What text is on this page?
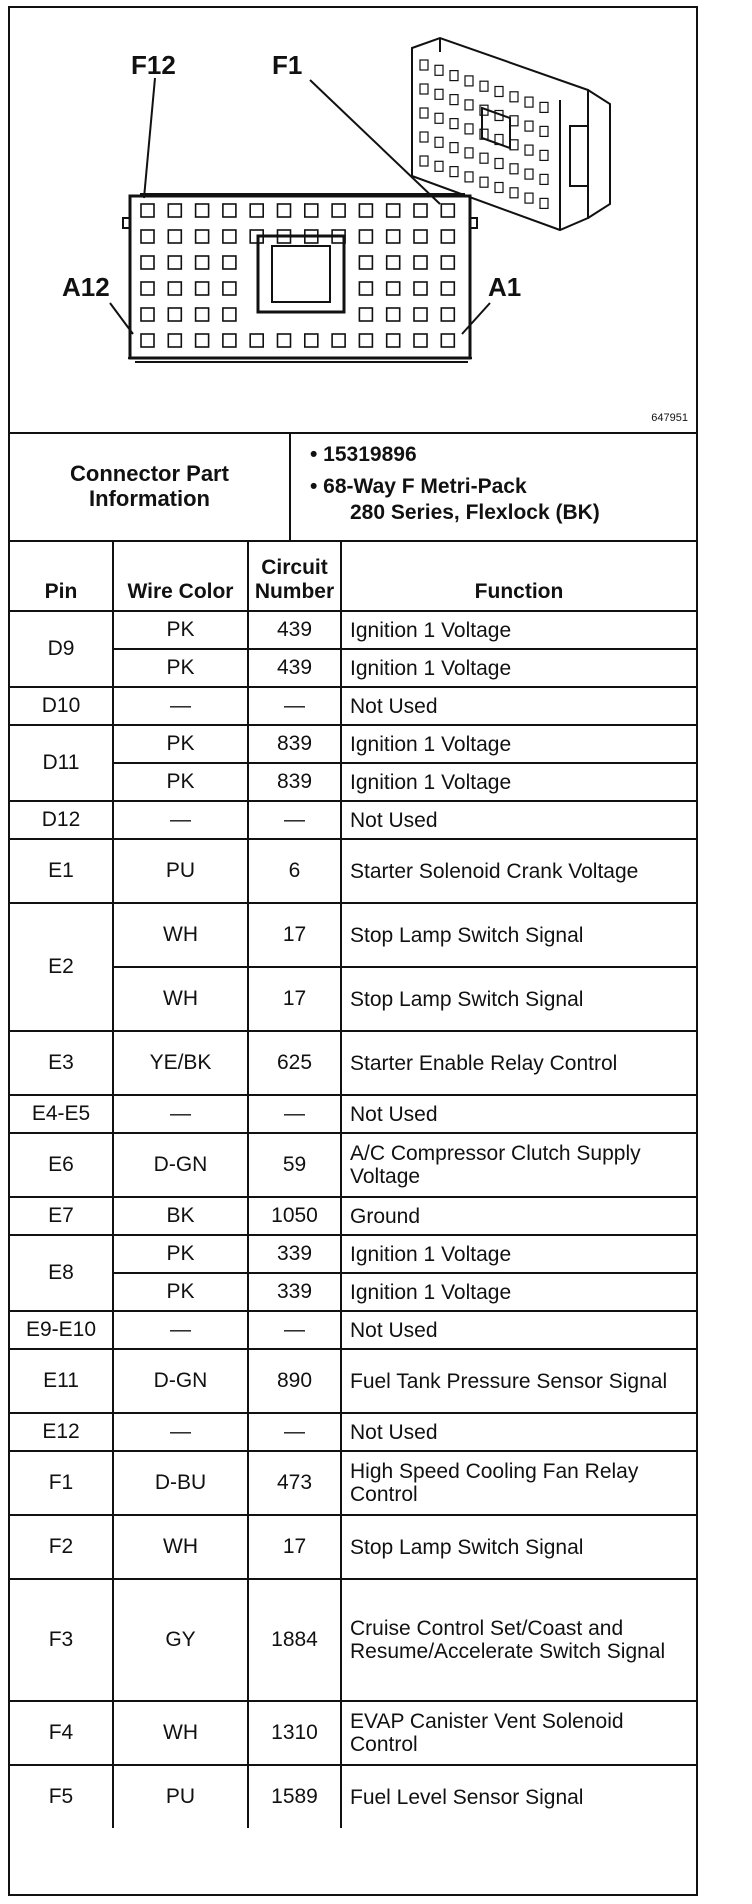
F12	F1
A12	A1
647951
Connector Part Information
• 15319896
• 68-Way F Metri-Pack
280 Series, Flexlock (BK)
Pin	Wire Color	Circuit Number	Function
D9	PK	439	Ignition 1 Voltage
	PK	439	Ignition 1 Voltage
D10	—	—	Not Used
D11	PK	839	Ignition 1 Voltage
	PK	839	Ignition 1 Voltage
D12	—	—	Not Used
E1	PU	6	Starter Solenoid Crank Voltage
E2	WH	17	Stop Lamp Switch Signal
	WH	17	Stop Lamp Switch Signal
E3	YE/BK	625	Starter Enable Relay Control
E4-E5	—	—	Not Used
E6	D-GN	59	A/C Compressor Clutch Supply Voltage
E7	BK	1050	Ground
E8	PK	339	Ignition 1 Voltage
	PK	339	Ignition 1 Voltage
E9-E10	—	—	Not Used
E11	D-GN	890	Fuel Tank Pressure Sensor Signal
E12	—	—	Not Used
F1	D-BU	473	High Speed Cooling Fan Relay Control
F2	WH	17	Stop Lamp Switch Signal
F3	GY	1884	Cruise Control Set/Coast and Resume/Accelerate Switch Signal
F4	WH	1310	EVAP Canister Vent Solenoid Control
F5	PU	1589	Fuel Level Sensor Signal
